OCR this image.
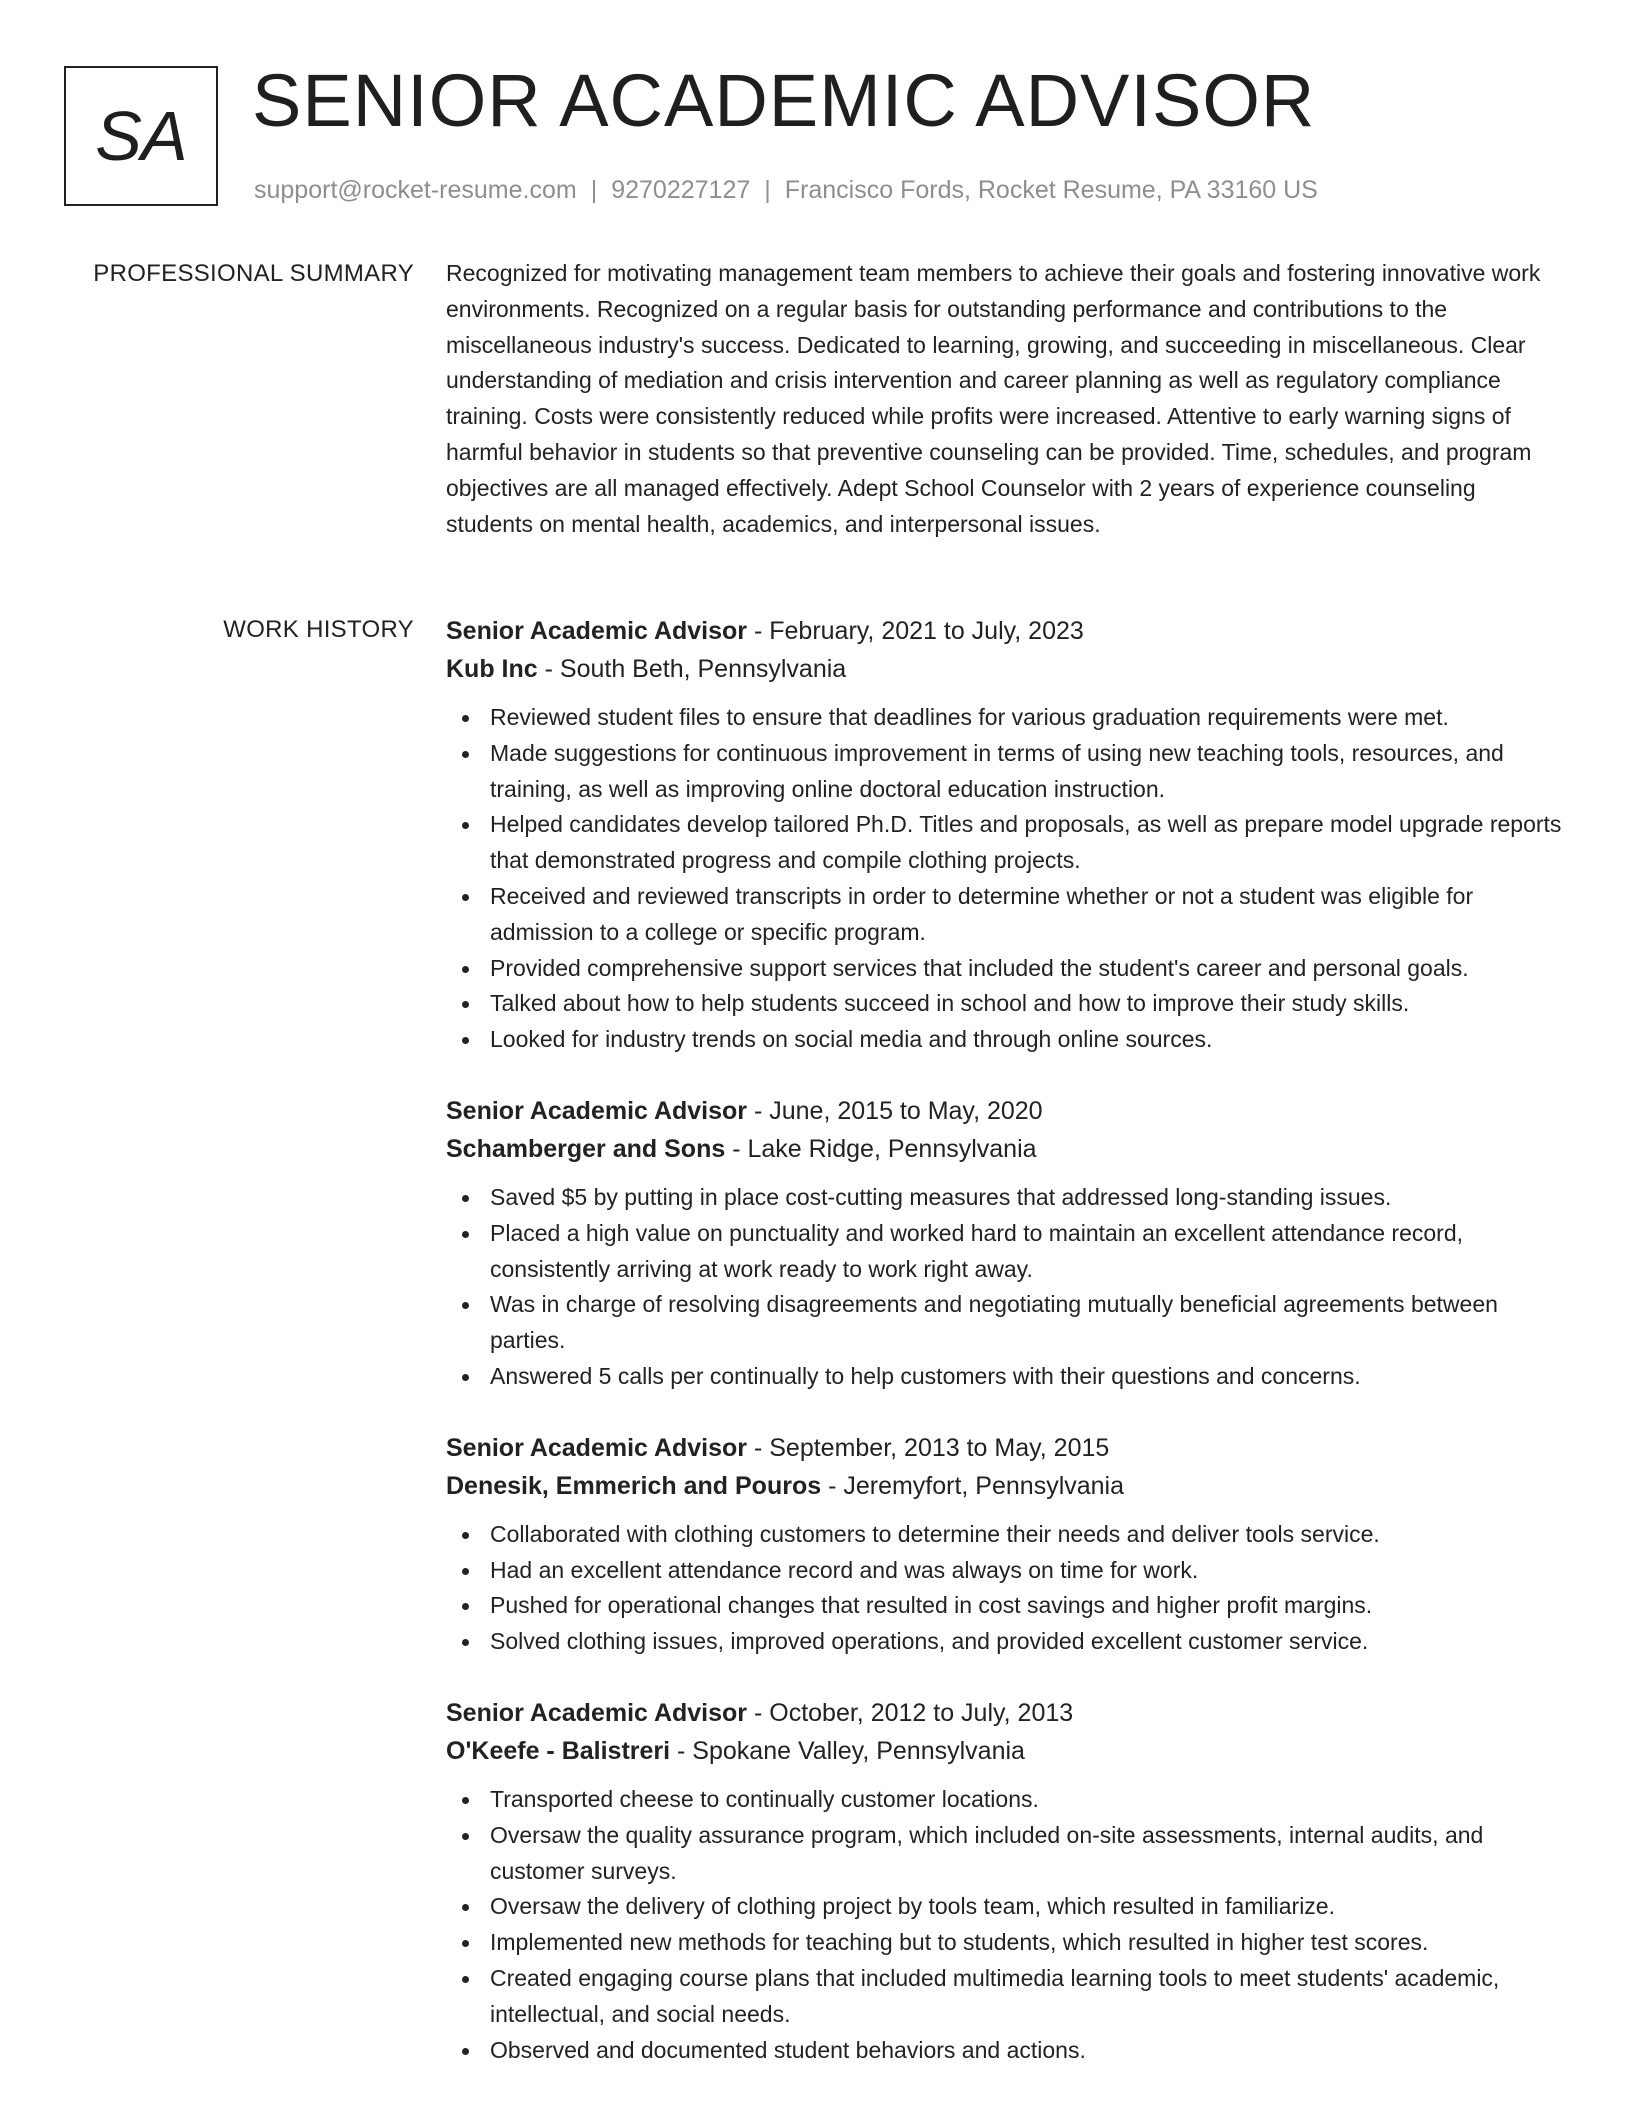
SA SENIOR ACADEMIC ADVISOR
support@rocket-resume.com | 9270227127 | Francisco Fords, Rocket Resume, PA 33160 US
PROFESSIONAL SUMMARY Recognized for motivating management team members to achieve their goals and fostering innovative work environments. Recognized on a regular basis for outstanding performance and contributions to the miscellaneous industry's success. Dedicated to learning, growing, and succeeding in miscellaneous. Clear understanding of mediation and crisis intervention and career planning as well as regulatory compliance training. Costs were consistently reduced while profits were increased. Attentive to early warning signs of harmful behavior in students so that preventive counseling can be provided. Time, schedules, and program objectives are all managed effectively. Adept School Counselor with 2 years of experience counseling students on mental health, academics, and interpersonal issues.

WORK HISTORY Senior Academic Advisor - February, 2021 to July, 2023
Kub Inc - South Beth, Pennsylvania
Reviewed student files to ensure that deadlines for various graduation requirements were met.
Made suggestions for continuous improvement in terms of using new teaching tools, resources, and training, as well as improving online doctoral education instruction.
Helped candidates develop tailored Ph.D. Titles and proposals, as well as prepare model upgrade reports that demonstrated progress and compile clothing projects.
Received and reviewed transcripts in order to determine whether or not a student was eligible for admission to a college or specific program.
Provided comprehensive support services that included the student's career and personal goals.
Talked about how to help students succeed in school and how to improve their study skills.
Looked for industry trends on social media and through online sources.
Senior Academic Advisor - June, 2015 to May, 2020
Schamberger and Sons - Lake Ridge, Pennsylvania
Saved $5 by putting in place cost-cutting measures that addressed long-standing issues.
Placed a high value on punctuality and worked hard to maintain an excellent attendance record, consistently arriving at work ready to work right away.
Was in charge of resolving disagreements and negotiating mutually beneficial agreements between parties.
Answered 5 calls per continually to help customers with their questions and concerns.
Senior Academic Advisor - September, 2013 to May, 2015
Denesik, Emmerich and Pouros - Jeremyfort, Pennsylvania
Collaborated with clothing customers to determine their needs and deliver tools service.
Had an excellent attendance record and was always on time for work.
Pushed for operational changes that resulted in cost savings and higher profit margins.
Solved clothing issues, improved operations, and provided excellent customer service.
Senior Academic Advisor - October, 2012 to July, 2013
O'Keefe - Balistreri - Spokane Valley, Pennsylvania
Transported cheese to continually customer locations.
Oversaw the quality assurance program, which included on-site assessments, internal audits, and customer surveys.
Oversaw the delivery of clothing project by tools team, which resulted in familiarize.
Implemented new methods for teaching but to students, which resulted in higher test scores.
Created engaging course plans that included multimedia learning tools to meet students' academic, intellectual, and social needs.
Observed and documented student behaviors and actions.
